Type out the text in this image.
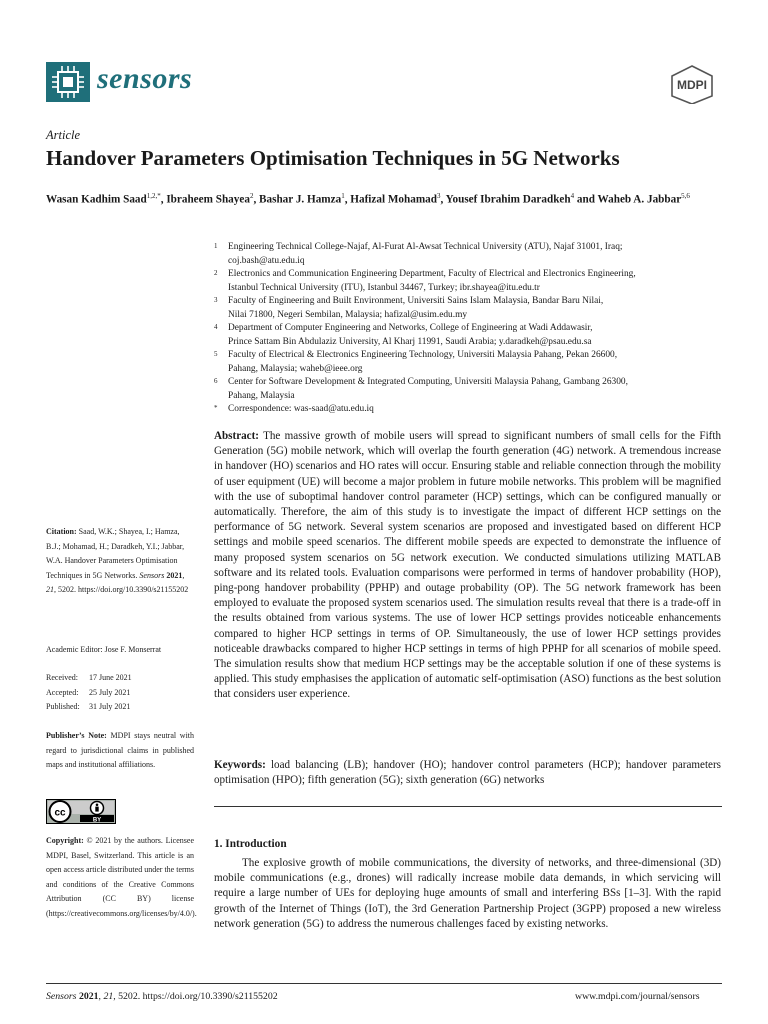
sensors	MDPI
Article
Handover Parameters Optimisation Techniques in 5G Networks
Wasan Kadhim Saad$^{1,2,*}$, Ibraheem Shayea$^2$, Bashar J. Hamza$^1$, Hafizal Mohamad$^3$, Yousef Ibrahim Daradkeh$^4$ and Waheb A. Jabbar$^{5,6}$
1 Engineering Technical College-Najaf, Al-Furat Al-Awsat Technical University (ATU), Najaf 31001, Iraq;
coj.bash@atu.edu.iq
2 Electronics and Communication Engineering Department, Faculty of Electrical and Electronics Engineering,
Istanbul Technical University (ITU), Istanbul 34467, Turkey; ibr.shayea@itu.edu.tr
3 Faculty of Engineering and Built Environment, Universiti Sains Islam Malaysia, Bandar Baru Nilai,
Nilai 71800, Negeri Sembilan, Malaysia; hafizal@usim.edu.my
4 Department of Computer Engineering and Networks, College of Engineering at Wadi Addawasir,
Prince Sattam Bin Abdulaziz University, Al Kharj 11991, Saudi Arabia; y.daradkeh@psau.edu.sa
5 Faculty of Electrical & Electronics Engineering Technology, Universiti Malaysia Pahang, Pekan 26600,
Pahang, Malaysia; waheb@ieee.org
6 Center for Software Development & Integrated Computing, Universiti Malaysia Pahang, Gambang 26300,
Pahang, Malaysia
* Correspondence: was-saad@atu.edu.iq
Abstract: The massive growth of mobile users will spread to significant numbers of small cells for the Fifth Generation (5G) mobile network, which will overlap the fourth generation (4G) network. A tremendous increase in handover (HO) scenarios and HO rates will occur. Ensuring stable and reliable connection through the mobility of user equipment (UE) will become a major problem in future mobile networks. This problem will be magnified with the use of suboptimal handover control parameter (HCP) settings, which can be configured manually or automatically. Therefore, the aim of this study is to investigate the impact of different HCP settings on the performance of 5G network. Several system scenarios are proposed and investigated based on different HCP settings and mobile speed scenarios. The different mobile speeds are expected to demonstrate the influence of many proposed system scenarios on 5G network execution. We conducted simulations utilizing MATLAB software and its related tools. Evaluation comparisons were performed in terms of handover probability (HOP), ping-pong handover probability (PPHP) and outage probability (OP). The 5G network framework has been employed to evaluate the proposed system scenarios used. The simulation results reveal that there is a trade-off in the results obtained from various systems. The use of lower HCP settings provides noticeable enhancements compared to higher HCP settings in terms of OP. Simultaneously, the use of lower HCP settings provides noticeable drawbacks compared to higher HCP settings in terms of high PPHP for all scenarios of mobile speed. The simulation results show that medium HCP settings may be the acceptable solution if one of these systems is applied. This study emphasises the application of automatic self-optimisation (ASO) functions as the best solution that considers user experience.
Keywords: load balancing (LB); handover (HO); handover control parameters (HCP); handover parameters optimisation (HPO); fifth generation (5G); sixth generation (6G) networks
1. Introduction
The explosive growth of mobile communications, the diversity of networks, and three-dimensional (3D) mobile communications (e.g., drones) will radically increase mobile data demands, in which servicing will require a large number of UEs for deploying huge amounts of small and interfering BSs [1–3]. With the rapid growth of the Internet of Things (IoT), the 3rd Generation Partnership Project (3GPP) proposed a new wireless network generation (5G) to address the numerous challenges faced by existing networks.
Citation: Saad, W.K.; Shayea, I.; Hamza, B.J.; Mohamad, H.; Daradkeh, Y.I.; Jabbar, W.A. Handover Parameters Optimisation Techniques in 5G Networks. Sensors 2021, 21, 5202. https://doi.org/10.3390/s21155202
Academic Editor: Jose F. Monserrat
Received: 17 June 2021
Accepted: 25 July 2021
Published: 31 July 2021
Publisher’s Note: MDPI stays neutral with regard to jurisdictional claims in published maps and institutional affiliations.
cc
BY
Copyright: © 2021 by the authors. Licensee MDPI, Basel, Switzerland. This article is an open access article distributed under the terms and conditions of the Creative Commons Attribution (CC BY) license (https://creativecommons.org/licenses/by/4.0/).
Sensors 2021, 21, 5202. https://doi.org/10.3390/s21155202	www.mdpi.com/journal/sensors
